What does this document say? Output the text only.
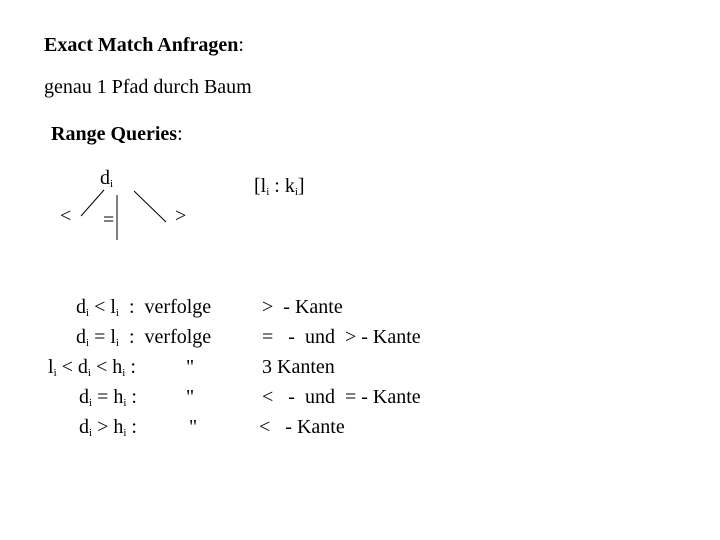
Exact Match Anfragen:
genau 1 Pfad durch Baum
Range Queries:
$d_i$
< =	>
[$l_i$ : $k_i$]
$d_i < l_i$  :  verfolge	>  - Kante
$d_i = l_i$  :  verfolge	=   -  und  > - Kante
$l_i < d_i < h_i$ :	"	3 Kanten
$d_i = h_i$ : "	<   -  und  = - Kante
$d_i > h_i$ :	"	<   - Kante
